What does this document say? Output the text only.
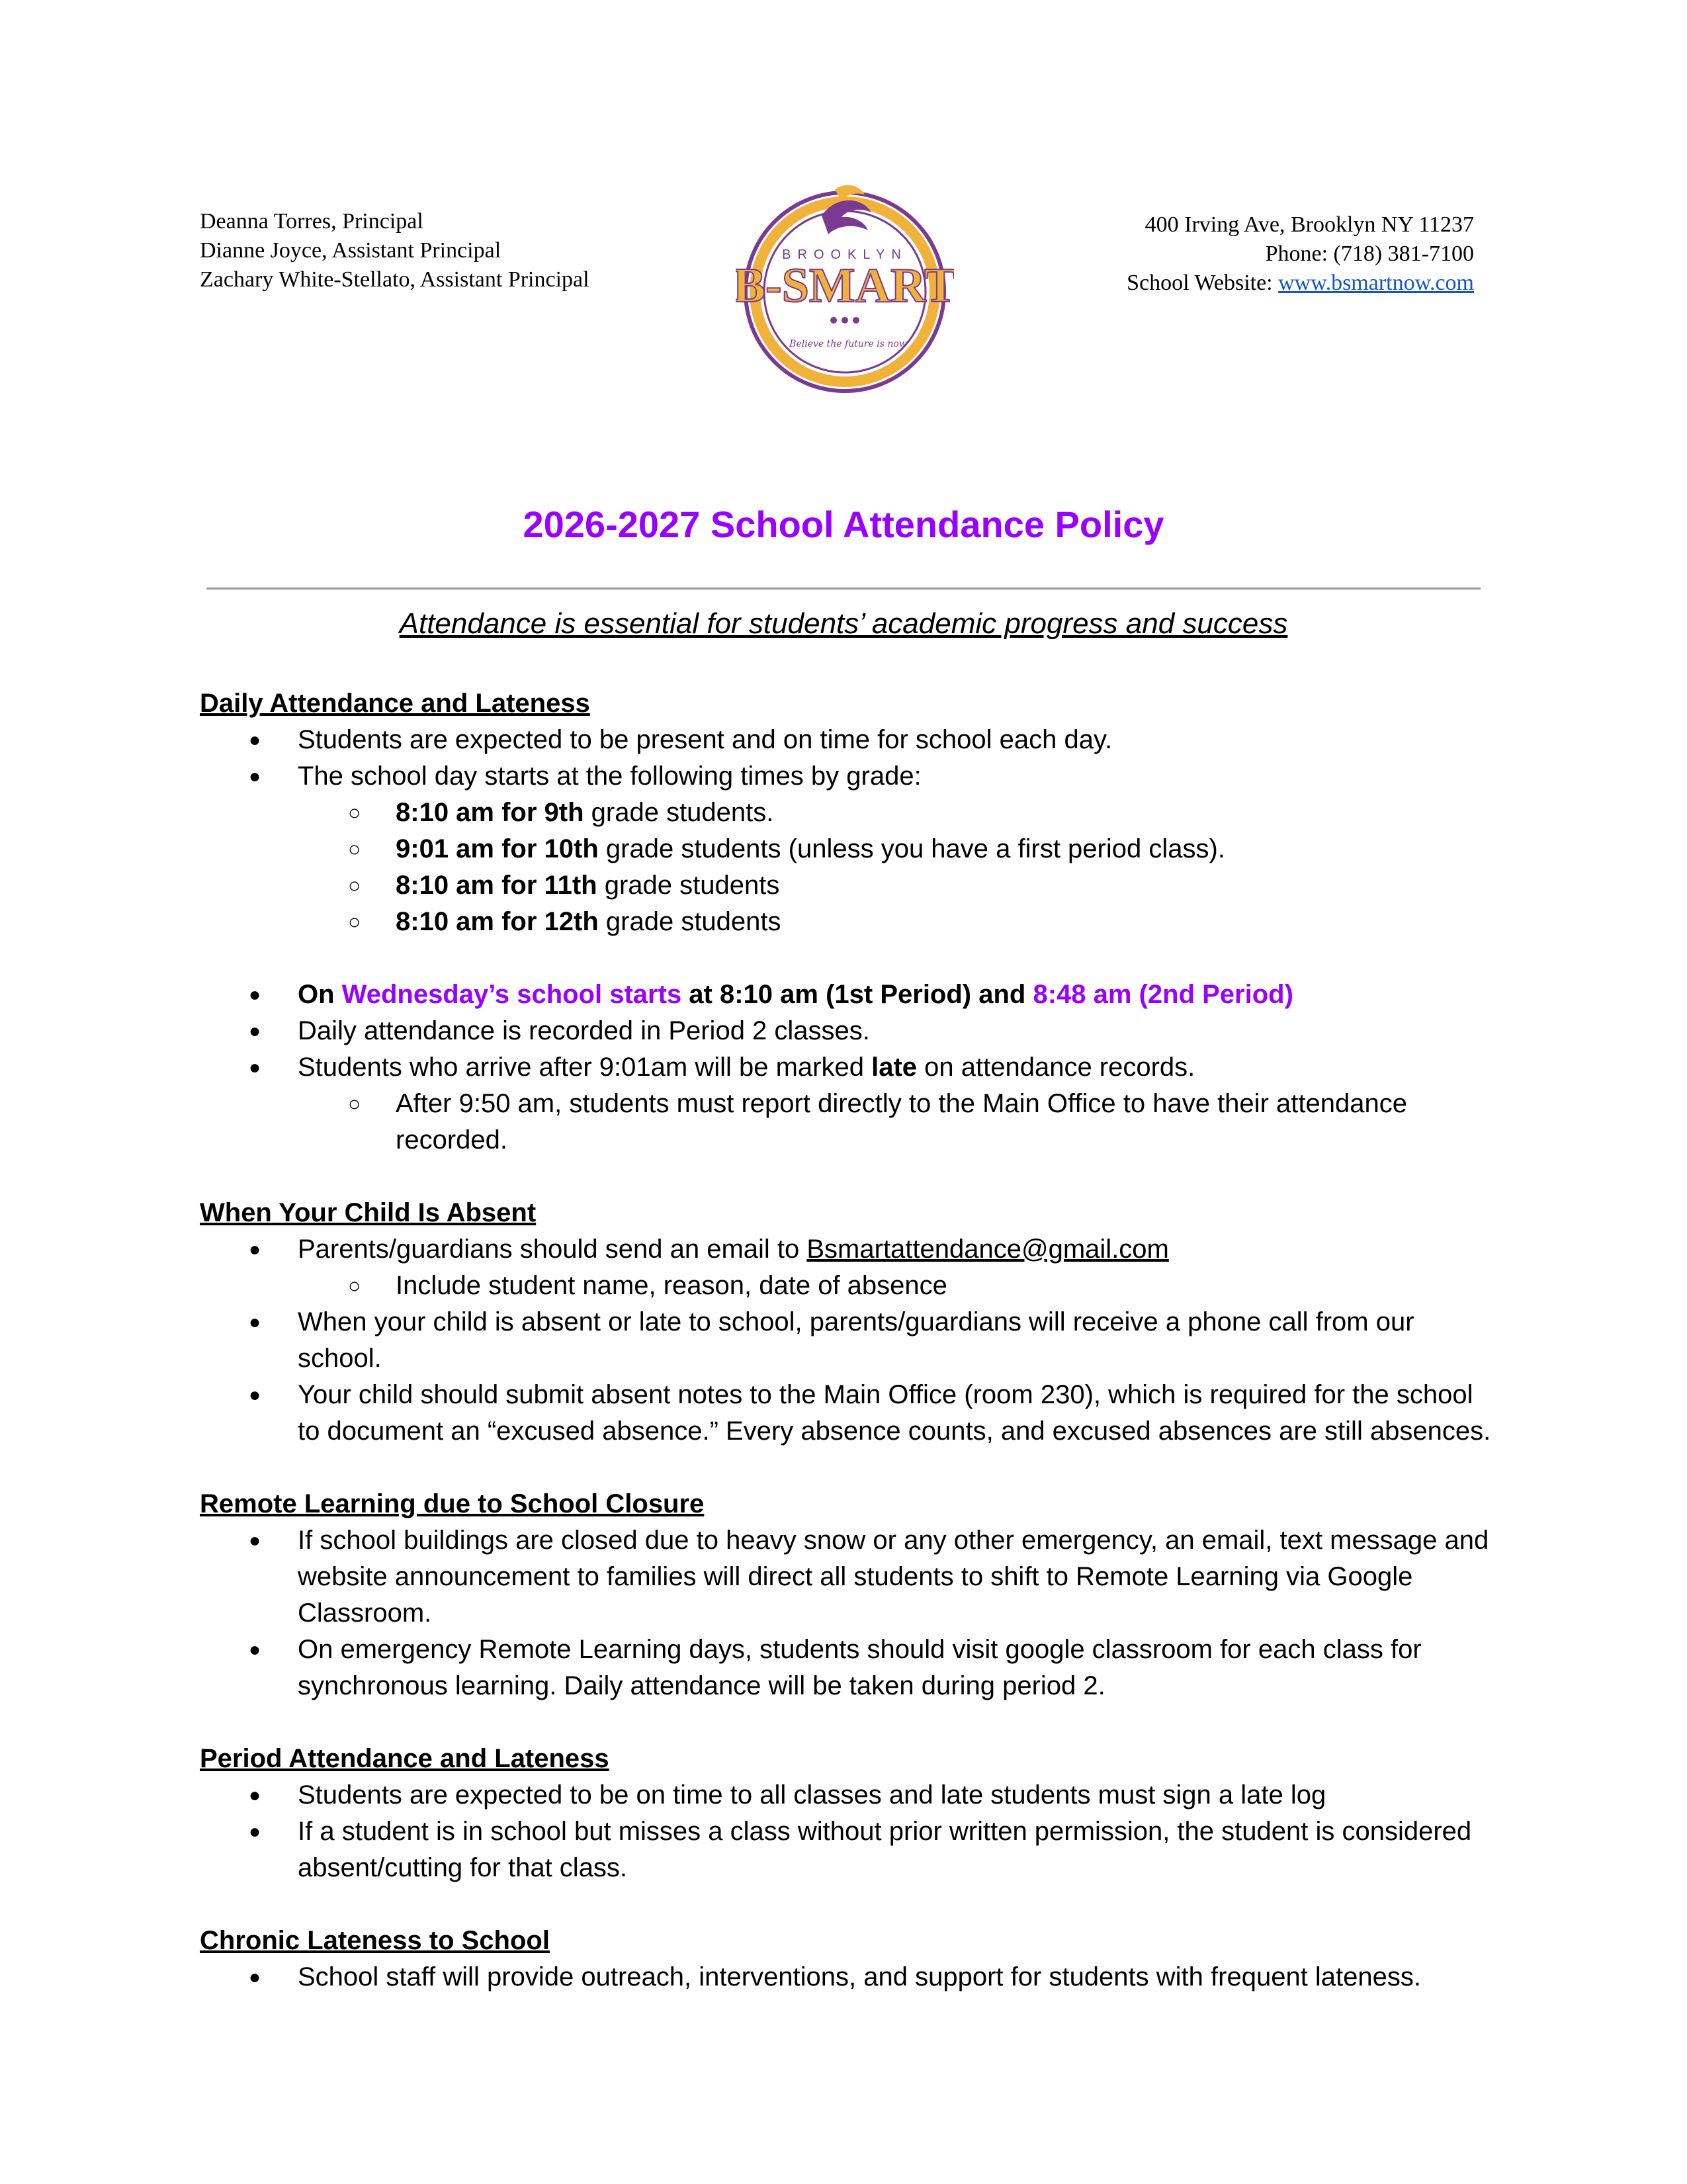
Deanna Torres, Principal
Dianne Joyce, Assistant Principal
Zachary White-Stellato, Assistant Principal
BROOKLYN
B-SMART
Believe the future is now
400 Irving Ave, Brooklyn NY 11237
Phone: (718) 381-7100
School Website: www.bsmartnow.com
2026-2027 School Attendance Policy
Attendance is essential for students’ academic progress and success
Daily Attendance and Lateness
● Students are expected to be present and on time for school each day.
● The school day starts at the following times by grade:
○ 8:10 am for 9th grade students.
○ 9:01 am for 10th grade students (unless you have a first period class).
○ 8:10 am for 11th grade students
○ 8:10 am for 12th grade students
● On Wednesday’s school starts at 8:10 am (1st Period) and 8:48 am (2nd Period)
● Daily attendance is recorded in Period 2 classes.
● Students who arrive after 9:01am will be marked late on attendance records.
○ After 9:50 am, students must report directly to the Main Office to have their attendance recorded.
When Your Child Is Absent
● Parents/guardians should send an email to Bsmartattendance@gmail.com
○ Include student name, reason, date of absence
● When your child is absent or late to school, parents/guardians will receive a phone call from our school.
● Your child should submit absent notes to the Main Office (room 230), which is required for the school to document an “excused absence.” Every absence counts, and excused absences are still absences.
Remote Learning due to School Closure
● If school buildings are closed due to heavy snow or any other emergency, an email, text message and website announcement to families will direct all students to shift to Remote Learning via Google Classroom.
● On emergency Remote Learning days, students should visit google classroom for each class for synchronous learning. Daily attendance will be taken during period 2.
Period Attendance and Lateness
● Students are expected to be on time to all classes and late students must sign a late log
● If a student is in school but misses a class without prior written permission, the student is considered absent/cutting for that class.
Chronic Lateness to School
● School staff will provide outreach, interventions, and support for students with frequent lateness.
